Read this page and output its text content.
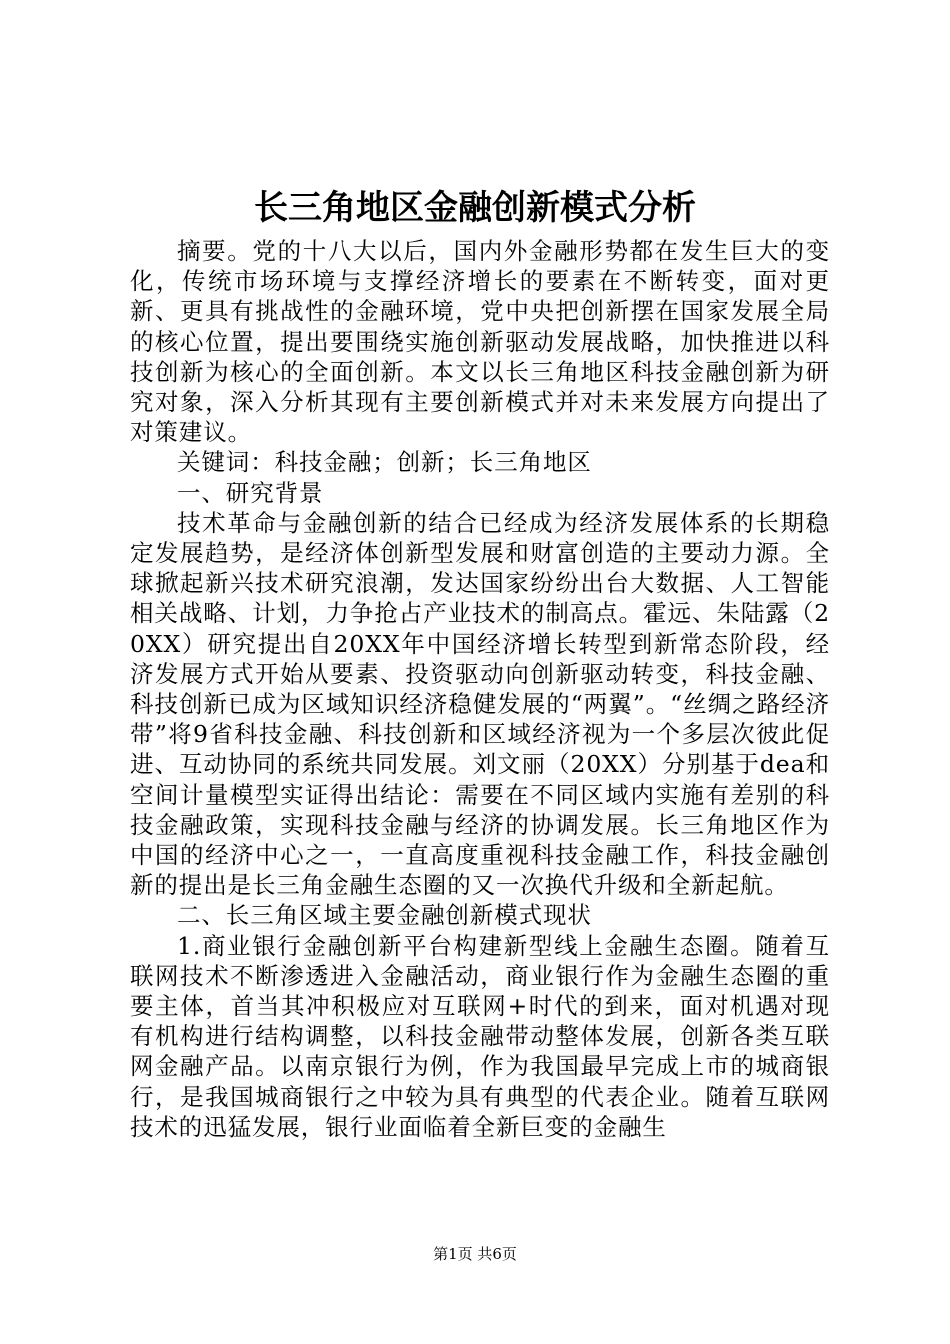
长三角地区金融创新模式分析

摘要。党的十八大以后，国内外金融形势都在发生巨大的变化，传统市场环境与支撑经济增长的要素在不断转变，面对更新、更具有挑战性的金融环境，党中央把创新摆在国家发展全局的核心位置，提出要围绕实施创新驱动发展战略，加快推进以科技创新为核心的全面创新。本文以长三角地区科技金融创新为研究对象，深入分析其现有主要创新模式并对未来发展方向提出了对策建议。

关键词：科技金融；创新；长三角地区

一、研究背景

技术革命与金融创新的结合已经成为经济发展体系的长期稳定发展趋势，是经济体创新型发展和财富创造的主要动力源。全球掀起新兴技术研究浪潮，发达国家纷纷出台大数据、人工智能相关战略、计划，力争抢占产业技术的制高点。霍远、朱陆露（20XX）研究提出自20XX年中国经济增长转型到新常态阶段，经济发展方式开始从要素、投资驱动向创新驱动转变，科技金融、科技创新已成为区域知识经济稳健发展的“两翼”。“丝绸之路经济带”将9省科技金融、科技创新和区域经济视为一个多层次彼此促进、互动协同的系统共同发展。刘文丽（20XX）分别基于dea和空间计量模型实证得出结论：需要在不同区域内实施有差别的科技金融政策，实现科技金融与经济的协调发展。长三角地区作为中国的经济中心之一，一直高度重视科技金融工作，科技金融创新的提出是长三角金融生态圈的又一次换代升级和全新起航。

二、长三角区域主要金融创新模式现状

1.商业银行金融创新平台构建新型线上金融生态圈。随着互联网技术不断渗透进入金融活动，商业银行作为金融生态圈的重要主体，首当其冲积极应对互联网+时代的到来，面对机遇对现有机构进行结构调整，以科技金融带动整体发展，创新各类互联网金融产品。以南京银行为例，作为我国最早完成上市的城商银行，是我国城商银行之中较为具有典型的代表企业。随着互联网技术的迅猛发展，银行业面临着全新巨变的金融生

第1页 共6页
